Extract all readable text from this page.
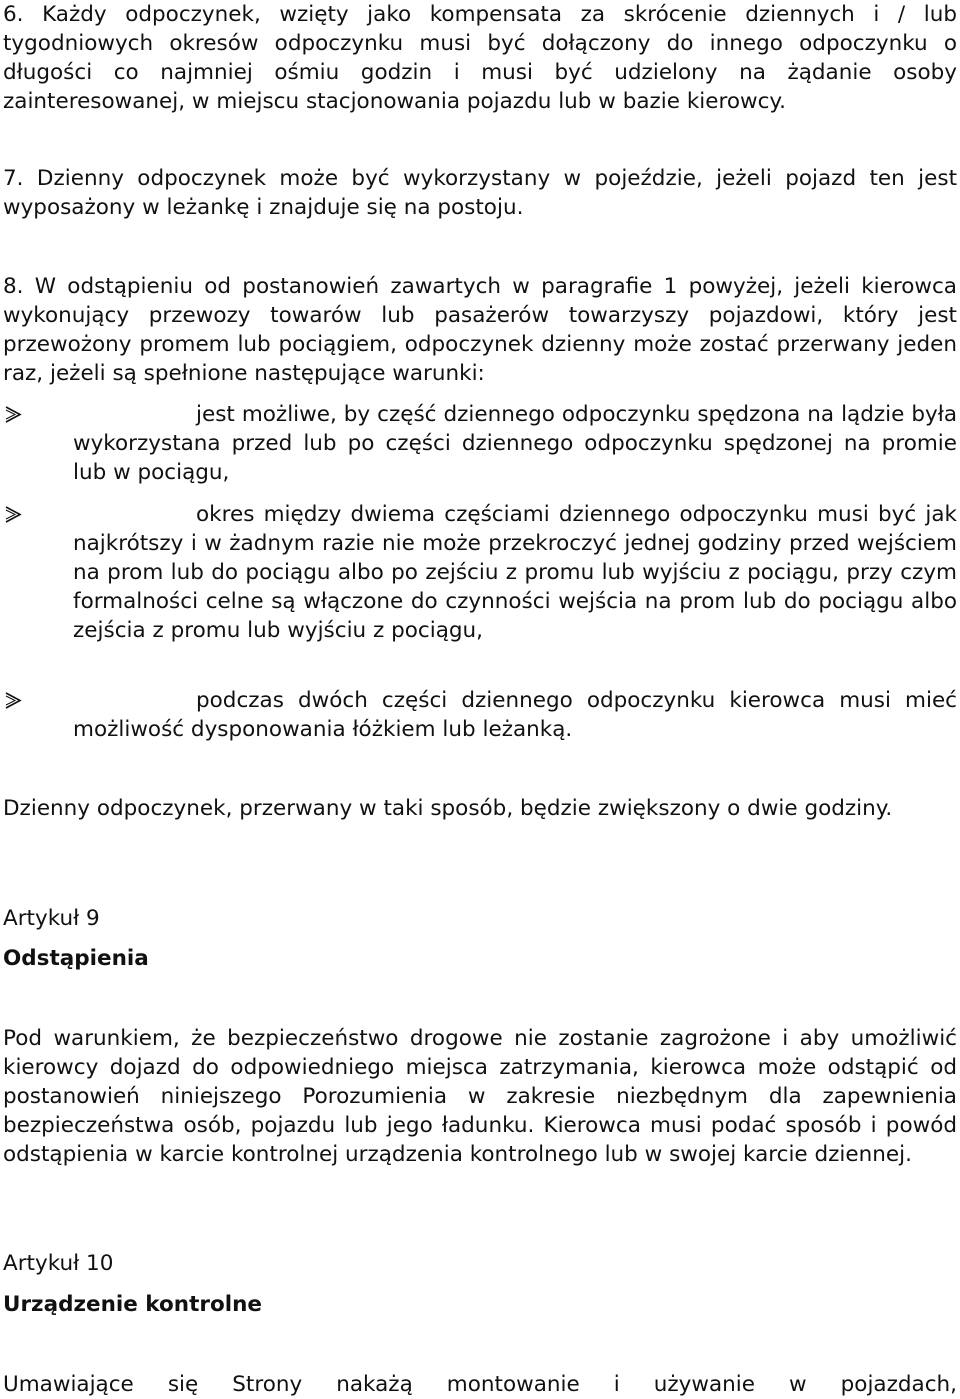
6. Każdy odpoczynek, wzięty jako kompensata za skrócenie dziennych i / lub tygodniowych okresów odpoczynku musi być dołączony do innego odpoczynku o długości co najmniej ośmiu godzin i musi być udzielony na żądanie osoby zainteresowanej, w miejscu stacjonowania pojazdu lub w bazie kierowcy.

7. Dzienny odpoczynek może być wykorzystany w pojeździe, jeżeli pojazd ten jest wyposażony w leżankę i znajduje się na postoju.

8. W odstąpieniu od postanowień zawartych w paragrafie 1 powyżej, jeżeli kierowca wykonujący przewozy towarów lub pasażerów towarzyszy pojazdowi, który jest przewożony promem lub pociągiem, odpoczynek dzienny może zostać przerwany jeden raz, jeżeli są spełnione następujące warunki:

jest możliwe, by część dziennego odpoczynku spędzona na lądzie była wykorzystana przed lub po części dziennego odpoczynku spędzonej na promie lub w pociągu,
okres między dwiema częściami dziennego odpoczynku musi być jak najkrótszy i w żadnym razie nie może przekroczyć jednej godziny przed wejściem na prom lub do pociągu albo po zejściu z promu lub wyjściu z pociągu, przy czym formalności celne są włączone do czynności wejścia na prom lub do pociągu albo zejścia z promu lub wyjściu z pociągu,
podczas dwóch części dziennego odpoczynku kierowca musi mieć możliwość dysponowania łóżkiem lub leżanką.

Dzienny odpoczynek, przerwany w taki sposób, będzie zwiększony o dwie godziny.

Artykuł 9

Odstąpienia

Pod warunkiem, że bezpieczeństwo drogowe nie zostanie zagrożone i aby umożliwić kierowcy dojazd do odpowiedniego miejsca zatrzymania, kierowca może odstąpić od postanowień niniejszego Porozumienia w zakresie niezbędnym dla zapewnienia bezpieczeństwa osób, pojazdu lub jego ładunku. Kierowca musi podać sposób i powód odstąpienia w karcie kontrolnej urządzenia kontrolnego lub w swojej karcie dziennej.

Artykuł 10

Urządzenie kontrolne

Umawiające się Strony nakażą montowanie i używanie w pojazdach,
